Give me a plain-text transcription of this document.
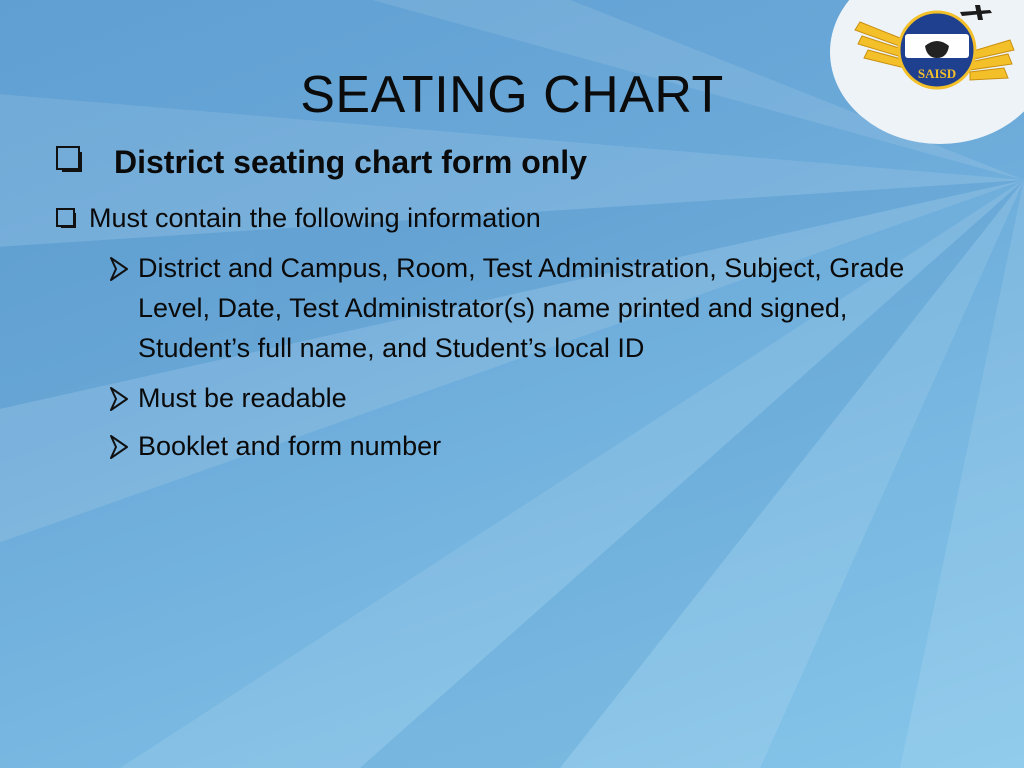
SAISD
SEATING CHART
District seating chart form only
Must contain the following information
District and Campus, Room, Test Administration, Subject, Grade Level, Date, Test Administrator(s) name printed and signed, Student’s full name, and Student’s local ID
Must be readable
Booklet and form number
